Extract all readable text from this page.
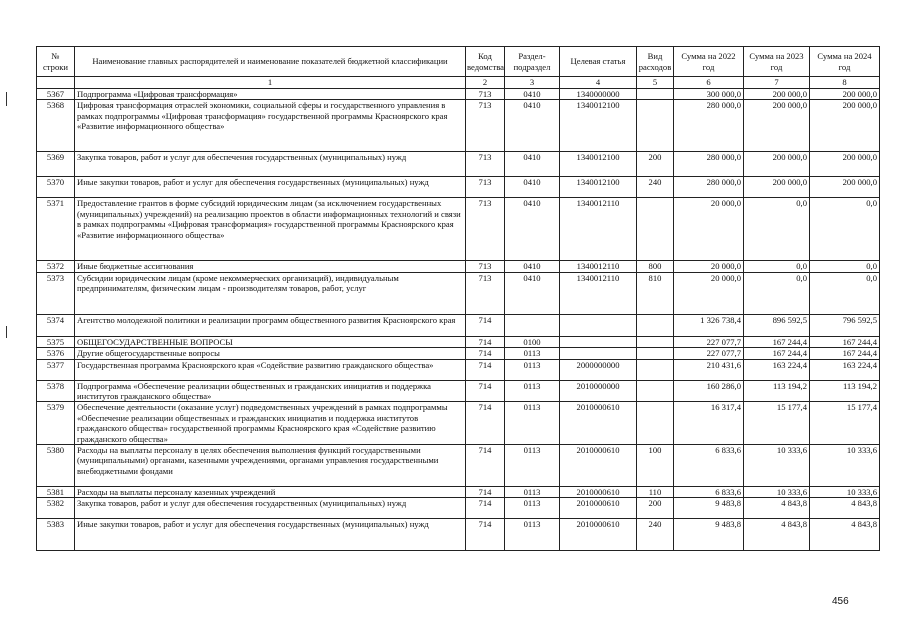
№ строки	Наименование главных распорядителей и наименование показателей бюджетной классификации	Код ведомства	Раздел-подраздел	Целевая статья	Вид расходов	Сумма на 2022 год	Сумма на 2023 год	Сумма на 2024 год
	1	2	3	4	5	6	7	8
5367	Подпрограмма «Цифровая трансформация»	713	0410	1340000000		300 000,0	200 000,0	200 000,0
5368	Цифровая трансформация отраслей экономики, социальной сферы и государственного управления в рамках подпрограммы «Цифровая трансформация» государственной программы Красноярского края «Развитие информационного общества»	713	0410	1340012100		280 000,0	200 000,0	200 000,0
5369	Закупка товаров, работ и услуг для обеспечения государственных (муниципальных) нужд	713	0410	1340012100	200	280 000,0	200 000,0	200 000,0
5370	Иные закупки товаров, работ и услуг для обеспечения государственных (муниципальных) нужд	713	0410	1340012100	240	280 000,0	200 000,0	200 000,0
5371	Предоставление грантов в форме субсидий юридическим лицам (за исключением государственных (муниципальных) учреждений) на реализацию проектов в области информационных технологий и связи в рамках подпрограммы «Цифровая трансформация» государственной программы Красноярского края «Развитие информационного общества»	713	0410	1340012110		20 000,0	0,0	0,0
5372	Иные бюджетные ассигнования	713	0410	1340012110	800	20 000,0	0,0	0,0
5373	Субсидии юридическим лицам (кроме некоммерческих организаций), индивидуальным предпринимателям, физическим лицам - производителям товаров, работ, услуг	713	0410	1340012110	810	20 000,0	0,0	0,0
5374	Агентство молодежной политики и реализации программ общественного развития Красноярского края	714				1 326 738,4	896 592,5	796 592,5
5375	ОБЩЕГОСУДАРСТВЕННЫЕ ВОПРОСЫ	714	0100			227 077,7	167 244,4	167 244,4
5376	Другие общегосударственные вопросы	714	0113			227 077,7	167 244,4	167 244,4
5377	Государственная программа Красноярского края «Содействие развитию гражданского общества»	714	0113	2000000000		210 431,6	163 224,4	163 224,4
5378	Подпрограмма «Обеспечение реализации общественных и гражданских инициатив и поддержка институтов гражданского общества»	714	0113	2010000000		160 286,0	113 194,2	113 194,2
5379	Обеспечение деятельности (оказание услуг) подведомственных учреждений в рамках подпрограммы «Обеспечение реализации общественных и гражданских инициатив и поддержка институтов гражданского общества» государственной программы Красноярского края «Содействие развитию гражданского общества»	714	0113	2010000610		16 317,4	15 177,4	15 177,4
5380	Расходы на выплаты персоналу в целях обеспечения выполнения функций государственными (муниципальными) органами, казенными учреждениями, органами управления государственными внебюджетными фондами	714	0113	2010000610	100	6 833,6	10 333,6	10 333,6
5381	Расходы на выплаты персоналу казенных учреждений	714	0113	2010000610	110	6 833,6	10 333,6	10 333,6
5382	Закупка товаров, работ и услуг для обеспечения государственных (муниципальных) нужд	714	0113	2010000610	200	9 483,8	4 843,8	4 843,8
5383	Иные закупки товаров, работ и услуг для обеспечения государственных (муниципальных) нужд	714	0113	2010000610	240	9 483,8	4 843,8	4 843,8
456
